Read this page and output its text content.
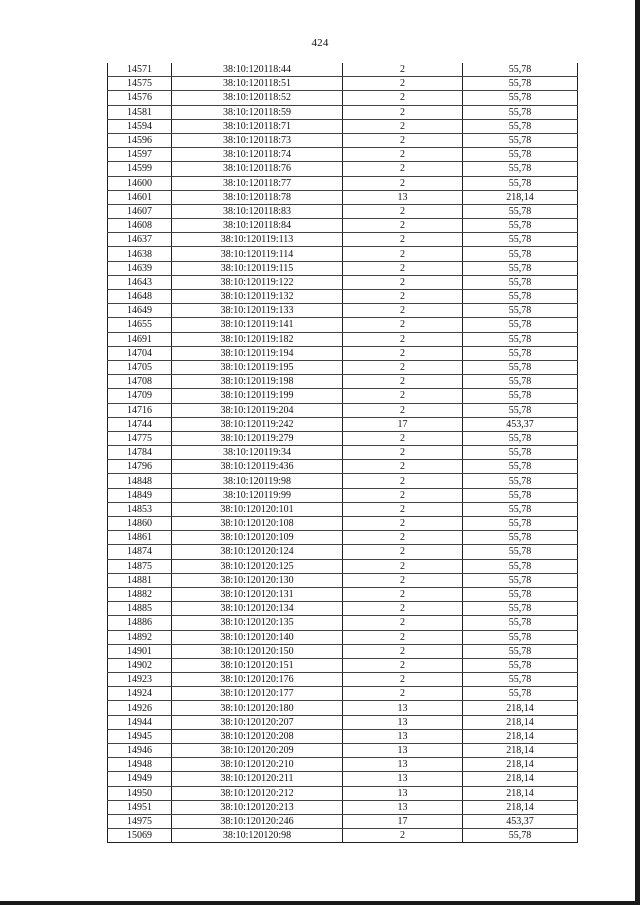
424
14571	38:10:120118:44	2	55,78
14575	38:10:120118:51	2	55,78
14576	38:10:120118:52	2	55,78
14581	38:10:120118:59	2	55,78
14594	38:10:120118:71	2	55,78
14596	38:10:120118:73	2	55,78
14597	38:10:120118:74	2	55,78
14599	38:10:120118:76	2	55,78
14600	38:10:120118:77	2	55,78
14601	38:10:120118:78	13	218,14
14607	38:10:120118:83	2	55,78
14608	38:10:120118:84	2	55,78
14637	38:10:120119:113	2	55,78
14638	38:10:120119:114	2	55,78
14639	38:10:120119:115	2	55,78
14643	38:10:120119:122	2	55,78
14648	38:10:120119:132	2	55,78
14649	38:10:120119:133	2	55,78
14655	38:10:120119:141	2	55,78
14691	38:10:120119:182	2	55,78
14704	38:10:120119:194	2	55,78
14705	38:10:120119:195	2	55,78
14708	38:10:120119:198	2	55,78
14709	38:10:120119:199	2	55,78
14716	38:10:120119:204	2	55,78
14744	38:10:120119:242	17	453,37
14775	38:10:120119:279	2	55,78
14784	38:10:120119:34	2	55,78
14796	38:10:120119:436	2	55,78
14848	38:10:120119:98	2	55,78
14849	38:10:120119:99	2	55,78
14853	38:10:120120:101	2	55,78
14860	38:10:120120:108	2	55,78
14861	38:10:120120:109	2	55,78
14874	38:10:120120:124	2	55,78
14875	38:10:120120:125	2	55,78
14881	38:10:120120:130	2	55,78
14882	38:10:120120:131	2	55,78
14885	38:10:120120:134	2	55,78
14886	38:10:120120:135	2	55,78
14892	38:10:120120:140	2	55,78
14901	38:10:120120:150	2	55,78
14902	38:10:120120:151	2	55,78
14923	38:10:120120:176	2	55,78
14924	38:10:120120:177	2	55,78
14926	38:10:120120:180	13	218,14
14944	38:10:120120:207	13	218,14
14945	38:10:120120:208	13	218,14
14946	38:10:120120:209	13	218,14
14948	38:10:120120:210	13	218,14
14949	38:10:120120:211	13	218,14
14950	38:10:120120:212	13	218,14
14951	38:10:120120:213	13	218,14
14975	38:10:120120:246	17	453,37
15069	38:10:120120:98	2	55,78
